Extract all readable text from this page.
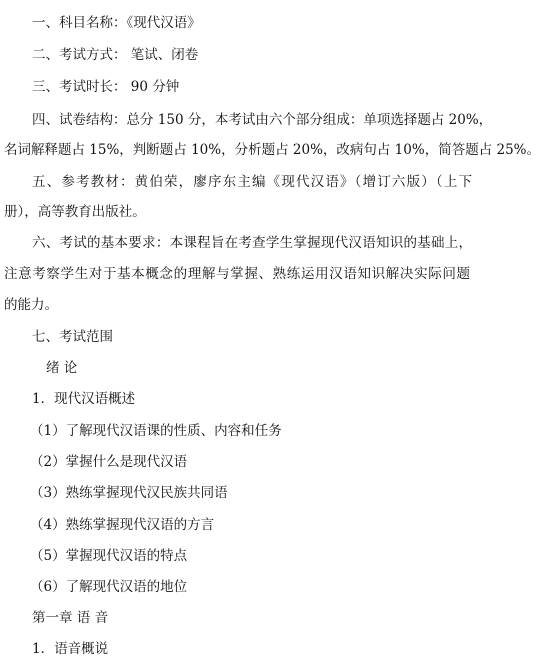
一、科目名称：《现代汉语》
二、考试方式： 笔试、闭卷
三、考试时长： 90 分钟
四、试卷结构：总分 150 分，本考试由六个部分组成：单项选择题占 20%，
名词解释题占 15%，判断题占 10%，分析题占 20%，改病句占 10%，简答题占 25%。
五、参考教材：黄伯荣，廖序东主编《现代汉语》（增订六版）（上下
册），高等教育出版社。
六、考试的基本要求：本课程旨在考查学生掌握现代汉语知识的基础上，
注意考察学生对于基本概念的理解与掌握、熟练运用汉语知识解决实际问题
的能力。
七、考试范围
绪 论
1．现代汉语概述
（1）了解现代汉语课的性质、内容和任务
（2）掌握什么是现代汉语
（3）熟练掌握现代汉民族共同语
（4）熟练掌握现代汉语的方言
（5）掌握现代汉语的特点
（6）了解现代汉语的地位
第一章 语 音
1．语音概说
